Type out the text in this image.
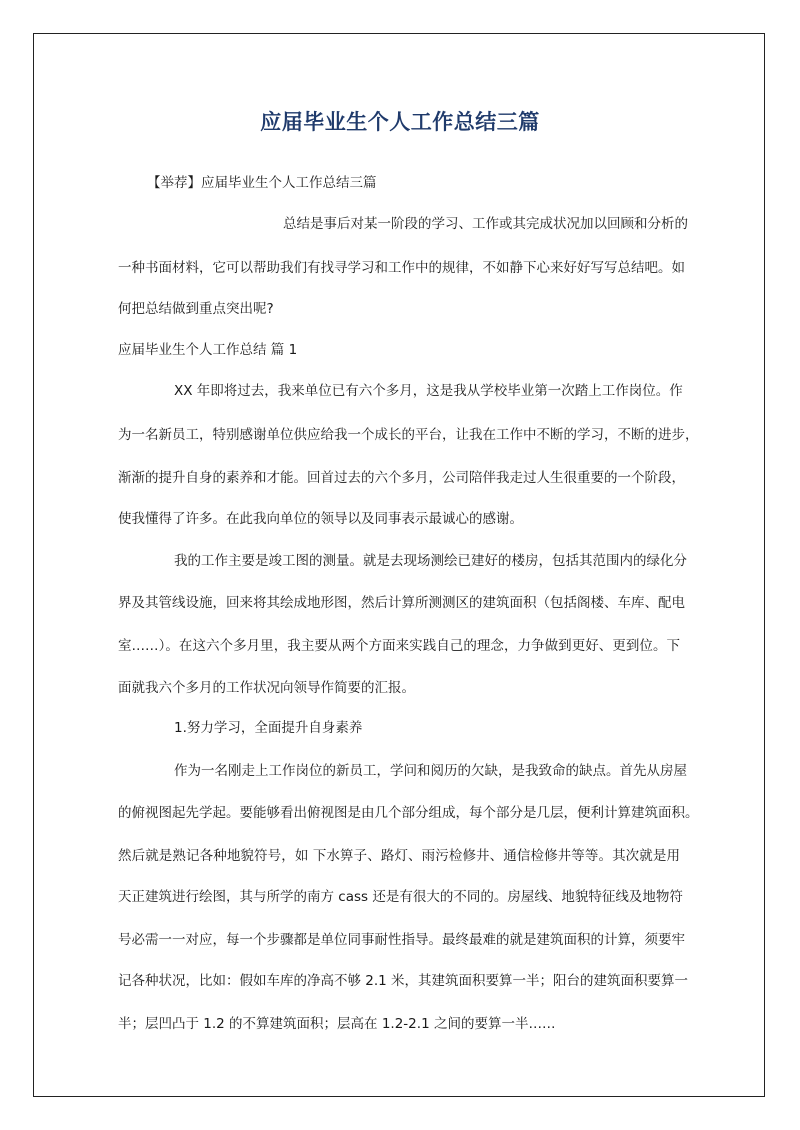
应届毕业生个人工作总结三篇
【举荐】应届毕业生个人工作总结三篇
总结是事后对某一阶段的学习、工作或其完成状况加以回顾和分析的
一种书面材料，它可以帮助我们有找寻学习和工作中的规律，不如静下心来好好写写总结吧。如
何把总结做到重点突出呢?
应届毕业生个人工作总结 篇 1
XX 年即将过去，我来单位已有六个多月，这是我从学校毕业第一次踏上工作岗位。作
为一名新员工，特别感谢单位供应给我一个成长的平台，让我在工作中不断的学习，不断的进步，
渐渐的提升自身的素养和才能。回首过去的六个多月，公司陪伴我走过人生很重要的一个阶段，
使我懂得了许多。在此我向单位的领导以及同事表示最诚心的感谢。
我的工作主要是竣工图的测量。就是去现场测绘已建好的楼房，包括其范围内的绿化分
界及其管线设施，回来将其绘成地形图，然后计算所测测区的建筑面积（包括阁楼、车库、配电
室……）。在这六个多月里，我主要从两个方面来实践自己的理念，力争做到更好、更到位。下
面就我六个多月的工作状况向领导作简要的汇报。
1.努力学习，全面提升自身素养
作为一名刚走上工作岗位的新员工，学问和阅历的欠缺，是我致命的缺点。首先从房屋
的俯视图起先学起。要能够看出俯视图是由几个部分组成，每个部分是几层，便利计算建筑面积。
然后就是熟记各种地貌符号，如 下水箅子、路灯、雨污检修井、通信检修井等等。其次就是用
天正建筑进行绘图，其与所学的南方 cass 还是有很大的不同的。房屋线、地貌特征线及地物符
号必需一一对应，每一个步骤都是单位同事耐性指导。最终最难的就是建筑面积的计算，须要牢
记各种状况，比如：假如车库的净高不够 2.1 米，其建筑面积要算一半；阳台的建筑面积要算一
半；层凹凸于 1.2 的不算建筑面积；层高在 1.2-2.1 之间的要算一半……
